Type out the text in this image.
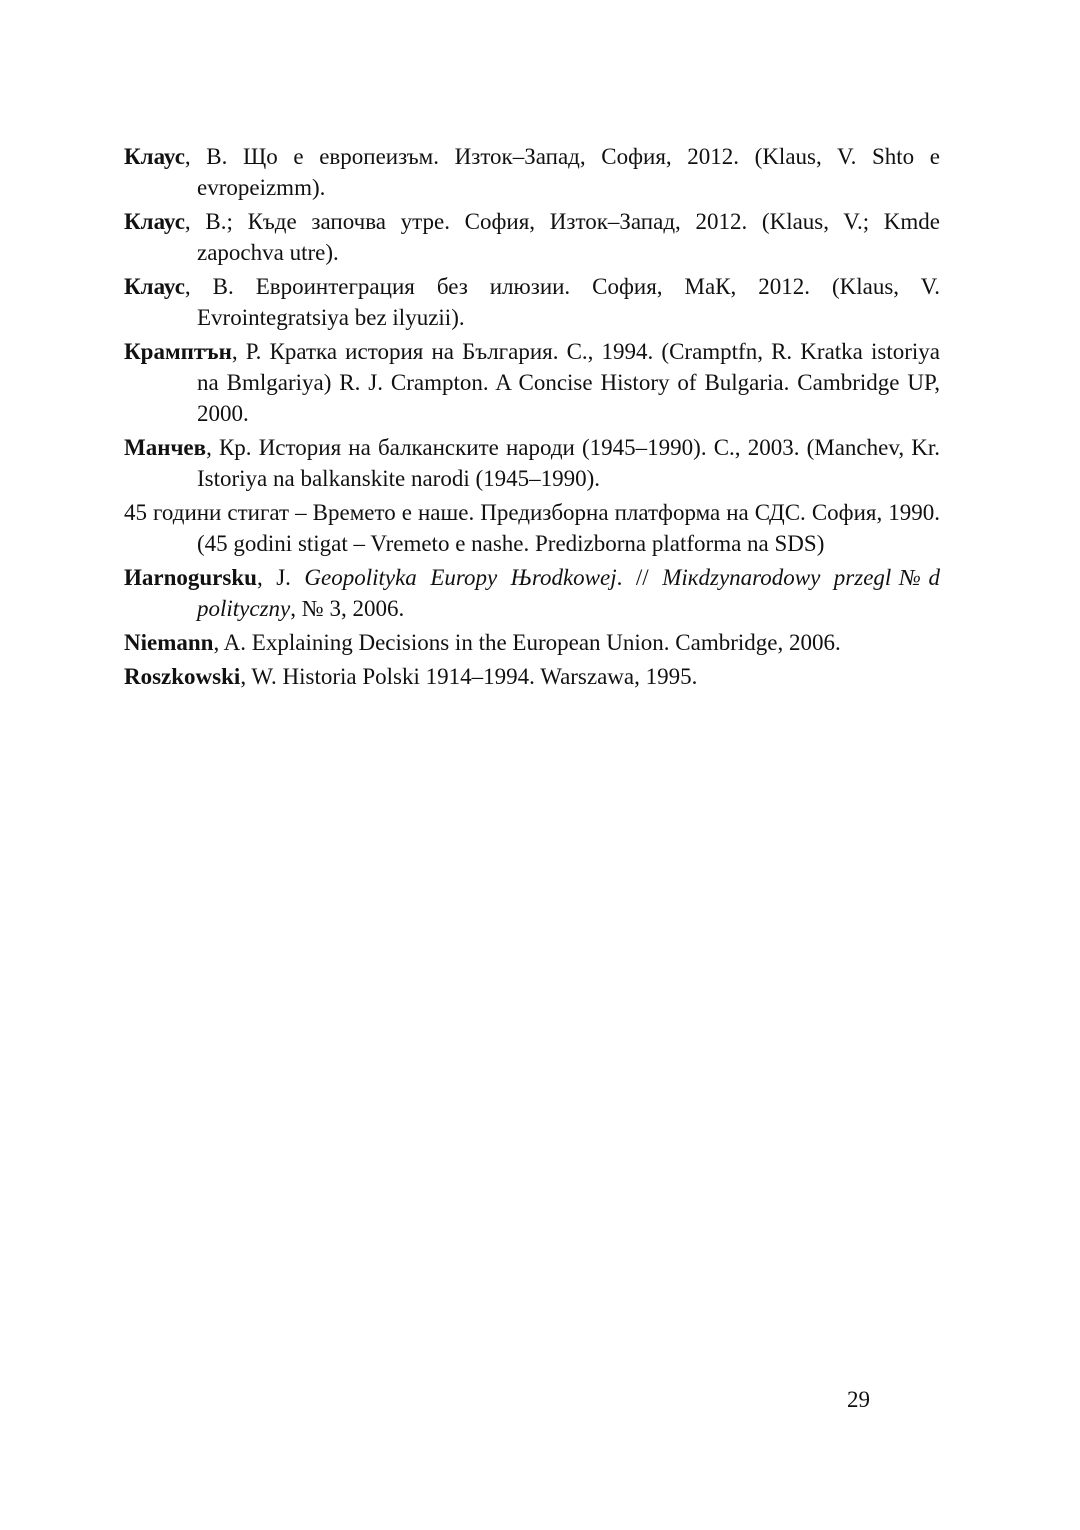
Клаус, В. Що е европеизъм. Изток–Запад, София, 2012. (Klaus, V. Shto e evropeizmm).

Клаус, В.; Къде започва утре. София, Изток–Запад, 2012. (Klaus, V.; Kmde zapochva utre).

Клаус, В. Евроинтеграция без илюзии. София, МаК, 2012. (Klaus, V. Evrointegratsiya bez ilyuzii).

Крамптън, Р. Кратка история на България. С., 1994. (Cramptfn, R. Kratka istoriya na Bmlgariya) R. J. Crampton. A Concise History of Bulgaria. Cambridge UP, 2000.

Манчев, Кр. История на балканските народи (1945–1990). С., 2003. (Manchev, Kr. Istoriya na balkanskite narodi (1945–1990).

45 години стигат – Времето е наше. Предизборна платформа на СДС. София, 1990. (45 godini stigat – Vremeto e nashe. Predizborna platforma na SDS)

Иarnogursku, J. Geopolityka Europy Њrodkowej. // Mікdzynarodowy przegl№d polityczny, № 3, 2006.

Niemann, A. Explaining Decisions in the European Union. Cambridge, 2006.

Roszkowski, W. Historia Polski 1914–1994. Warszawa, 1995.

29
